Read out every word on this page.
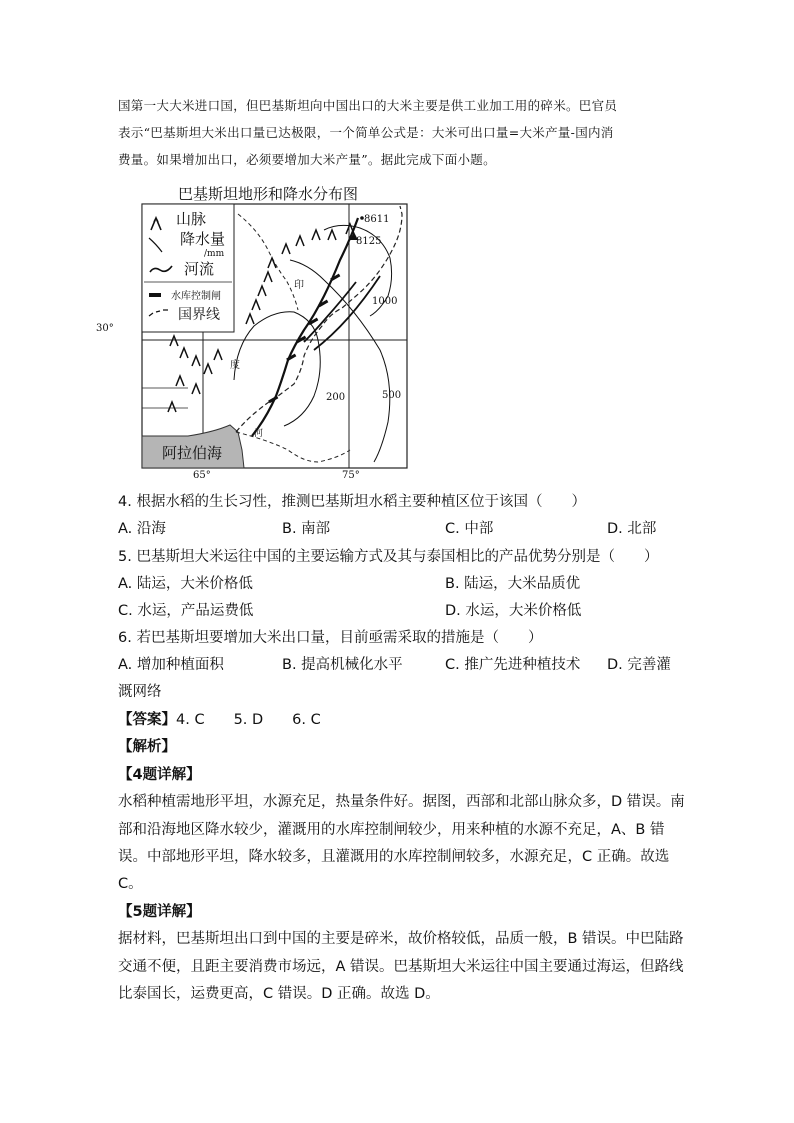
国第一大大米进口国，但巴基斯坦向中国出口的大米主要是供工业加工用的碎米。巴官员
表示“巴基斯坦大米出口量已达极限，一个简单公式是：大米可出口量=大米产量-国内消
费量。如果增加出口，必须要增加大米产量”。据此完成下面小题。
巴基斯坦地形和降水分布图
山脉
降水量
/mm
河流
水库控制闸
国界线
阿拉伯海
8611
8125
1000
500
200
印
度
河
30°
65°	75°
4. 根据水稻的生长习性，推测巴基斯坦水稻主要种植区位于该国（　　）
A. 沿海	B. 南部	C. 中部	D. 北部
5. 巴基斯坦大米运往中国的主要运输方式及其与泰国相比的产品优势分别是（　　）
A. 陆运，大米价格低	B. 陆运，大米品质优
C. 水运，产品运费低	D. 水运，大米价格低
6. 若巴基斯坦要增加大米出口量，目前亟需采取的措施是（　　）
A. 增加种植面积	B. 提高机械化水平	C. 推广先进种植技术 D. 完善灌
溉网络
【答案】4. C　　5. D　　6. C
【解析】
【4题详解】
水稻种植需地形平坦，水源充足，热量条件好。据图，西部和北部山脉众多，D 错误。南
部和沿海地区降水较少，灌溉用的水库控制闸较少，用来种植的水源不充足，A、B 错
误。中部地形平坦，降水较多，且灌溉用的水库控制闸较多，水源充足，C 正确。故选
C。
【5题详解】
据材料，巴基斯坦出口到中国的主要是碎米，故价格较低，品质一般，B 错误。中巴陆路
交通不便，且距主要消费市场远，A 错误。巴基斯坦大米运往中国主要通过海运，但路线
比泰国长，运费更高，C 错误。D 正确。故选 D。
